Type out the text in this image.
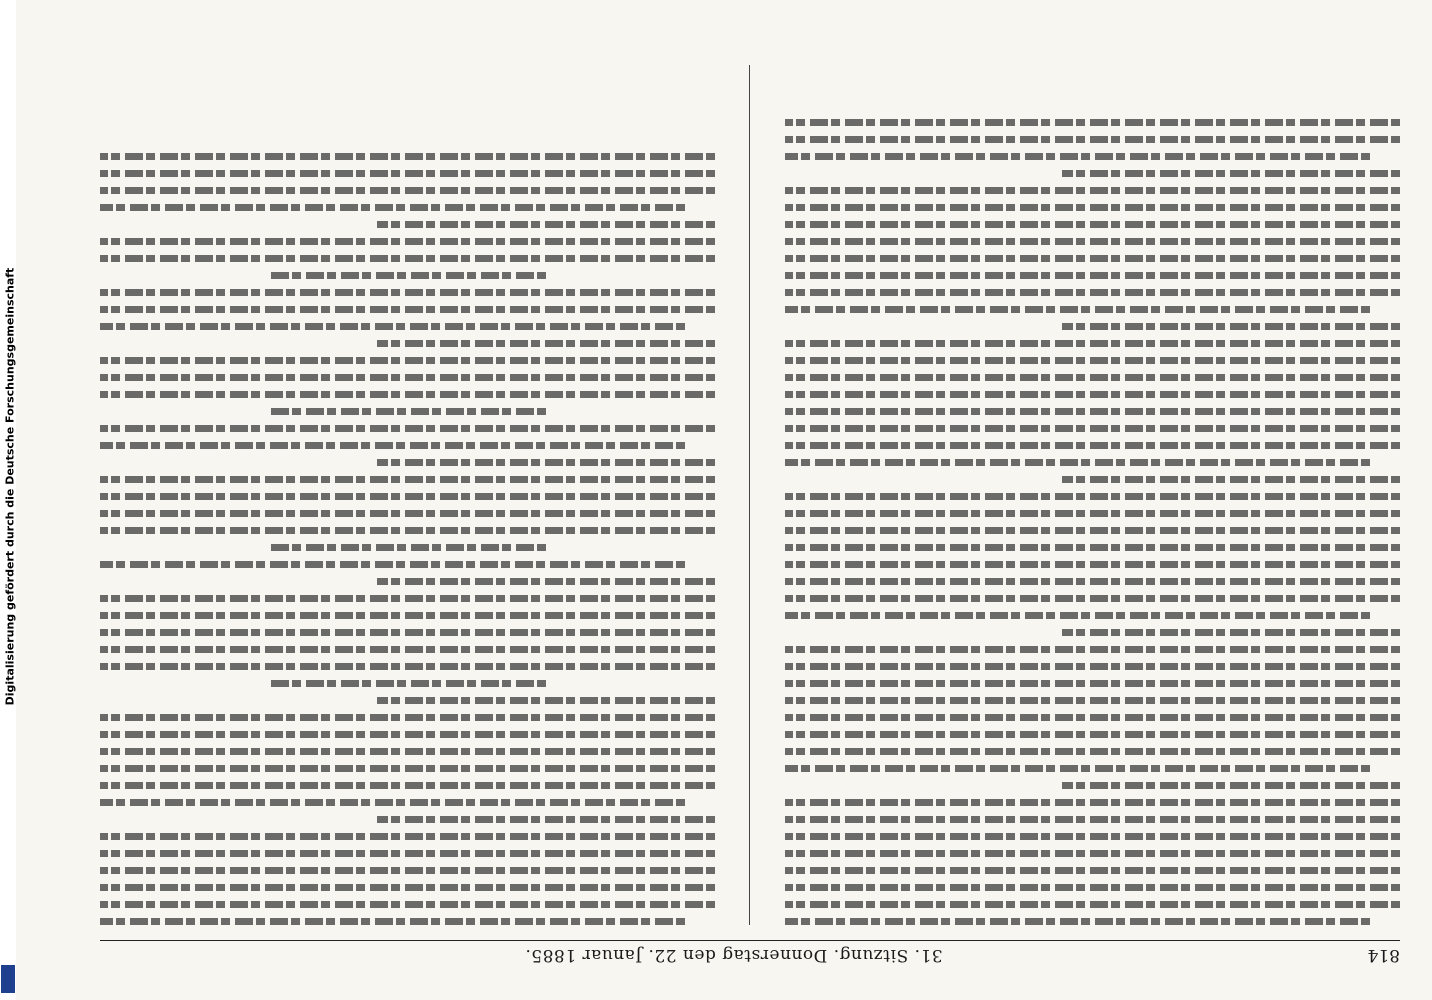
Digitalisierung gefördert durch die Deutsche Forschungsgemeinschaft
814
31. Sitzung. Donnerstag den 22. Januar 1885.
